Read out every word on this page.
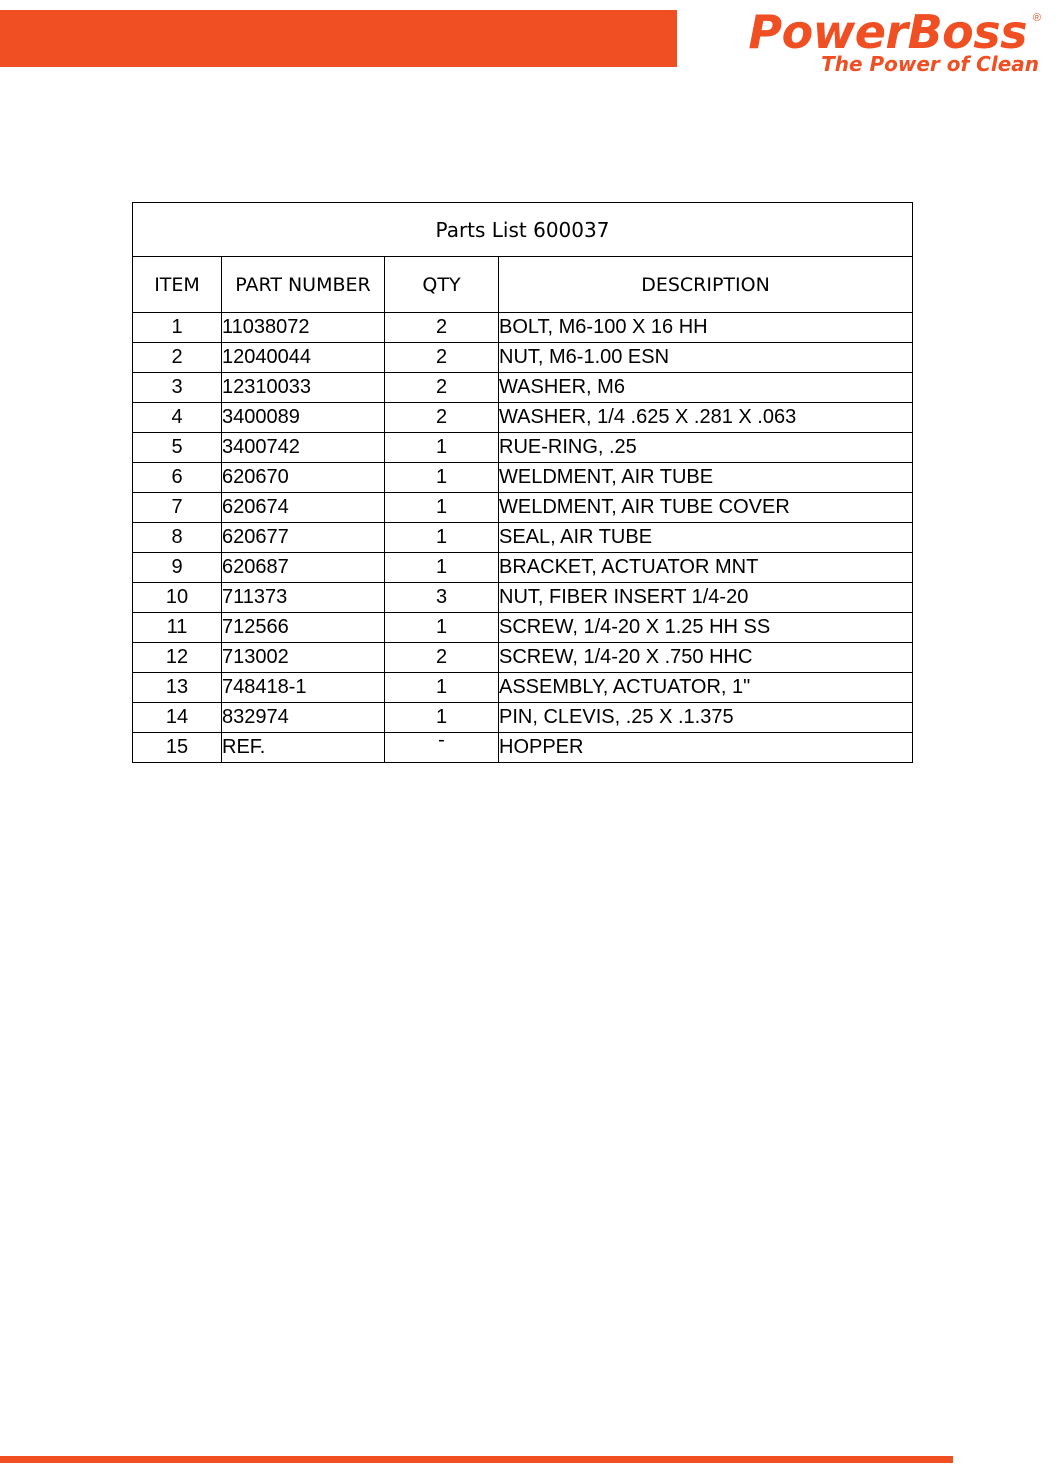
PowerBoss ®
The Power of Clean
Parts List 600037			
ITEM	PART NUMBER	QTY	DESCRIPTION
1	11038072	2	BOLT, M6-100 X 16 HH
2	12040044	2	NUT, M6-1.00 ESN
3	12310033	2	WASHER, M6
4	3400089	2	WASHER, 1/4 .625 X .281 X .063
5	3400742	1	RUE-RING, .25
6	620670	1	WELDMENT, AIR TUBE
7	620674	1	WELDMENT, AIR TUBE COVER
8	620677	1	SEAL, AIR TUBE
9	620687	1	BRACKET, ACTUATOR MNT
10	711373	3	NUT, FIBER INSERT 1/4-20
11	712566	1	SCREW, 1/4-20 X 1.25 HH SS
12	713002	2	SCREW, 1/4-20 X .750 HHC
13	748418-1	1	ASSEMBLY, ACTUATOR, 1"
14	832974	1	PIN, CLEVIS, .25 X .1.375
15	REF.	-	HOPPER
